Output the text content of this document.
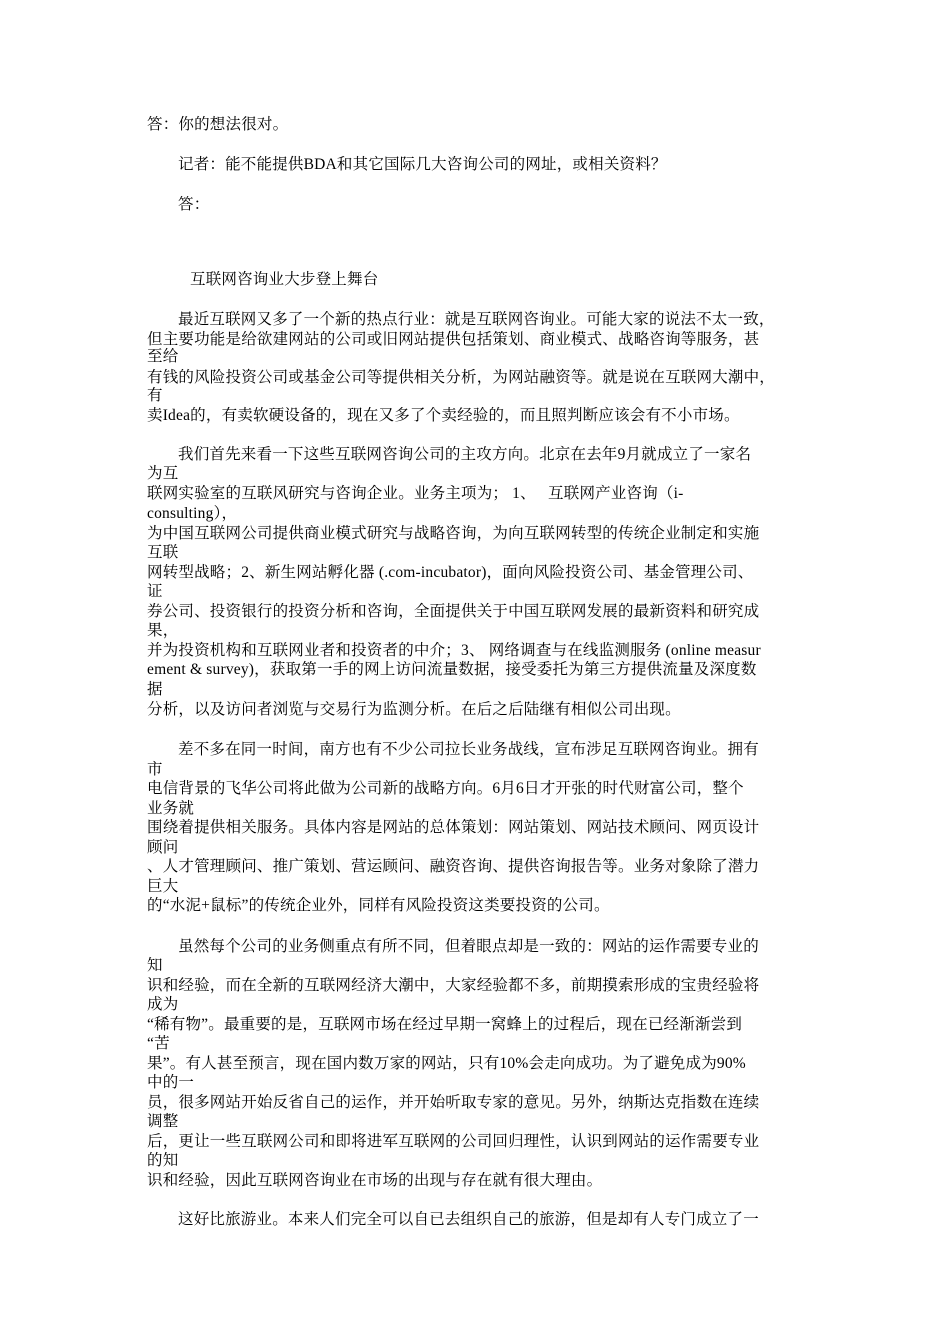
答：你的想法很对。
记者：能不能提供BDA和其它国际几大咨询公司的网址，或相关资料？
答：
互联网咨询业大步登上舞台
最近互联网又多了一个新的热点行业：就是互联网咨询业。可能大家的说法不太一致，
但主要功能是给欲建网站的公司或旧网站提供包括策划、商业模式、战略咨询等服务，甚
至给
有钱的风险投资公司或基金公司等提供相关分析，为网站融资等。就是说在互联网大潮中，
有
卖Idea的，有卖软硬设备的，现在又多了个卖经验的，而且照判断应该会有不小市场。
我们首先来看一下这些互联网咨询公司的主攻方向。北京在去年9月就成立了一家名
为互
联网实验室的互联风研究与咨询企业。业务主项为； 1、   互联网产业咨询（i-
consulting），
为中国互联网公司提供商业模式研究与战略咨询，为向互联网转型的传统企业制定和实施
互联
网转型战略；2、新生网站孵化器 (.com-incubator)，面向风险投资公司、基金管理公司、
证
券公司、投资银行的投资分析和咨询，全面提供关于中国互联网发展的最新资料和研究成
果，
并为投资机构和互联网业者和投资者的中介；3、 网络调查与在线监测服务 (online measur
ement & survey)，获取第一手的网上访问流量数据，接受委托为第三方提供流量及深度数
据
分析，以及访问者浏览与交易行为监测分析。在后之后陆继有相似公司出现。
差不多在同一时间，南方也有不少公司拉长业务战线，宣布涉足互联网咨询业。拥有
市
电信背景的飞华公司将此做为公司新的战略方向。6月6日才开张的时代财富公司，整个
业务就
围绕着提供相关服务。具体内容是网站的总体策划：网站策划、网站技术顾问、网页设计
顾问
、人才管理顾问、推广策划、营运顾问、融资咨询、提供咨询报告等。业务对象除了潜力
巨大
的“水泥+鼠标”的传统企业外，同样有风险投资这类要投资的公司。
虽然每个公司的业务侧重点有所不同，但着眼点却是一致的：网站的运作需要专业的
知
识和经验，而在全新的互联网经济大潮中，大家经验都不多，前期摸索形成的宝贵经验将
成为
“稀有物”。最重要的是，互联网市场在经过早期一窝蜂上的过程后，现在已经渐渐尝到
“苦
果”。有人甚至预言，现在国内数万家的网站，只有10%会走向成功。为了避免成为90%
中的一
员，很多网站开始反省自己的运作，并开始听取专家的意见。另外，纳斯达克指数在连续
调整
后，更让一些互联网公司和即将进军互联网的公司回归理性，认识到网站的运作需要专业
的知
识和经验，因此互联网咨询业在市场的出现与存在就有很大理由。
这好比旅游业。本来人们完全可以自已去组织自己的旅游，但是却有人专门成立了一
